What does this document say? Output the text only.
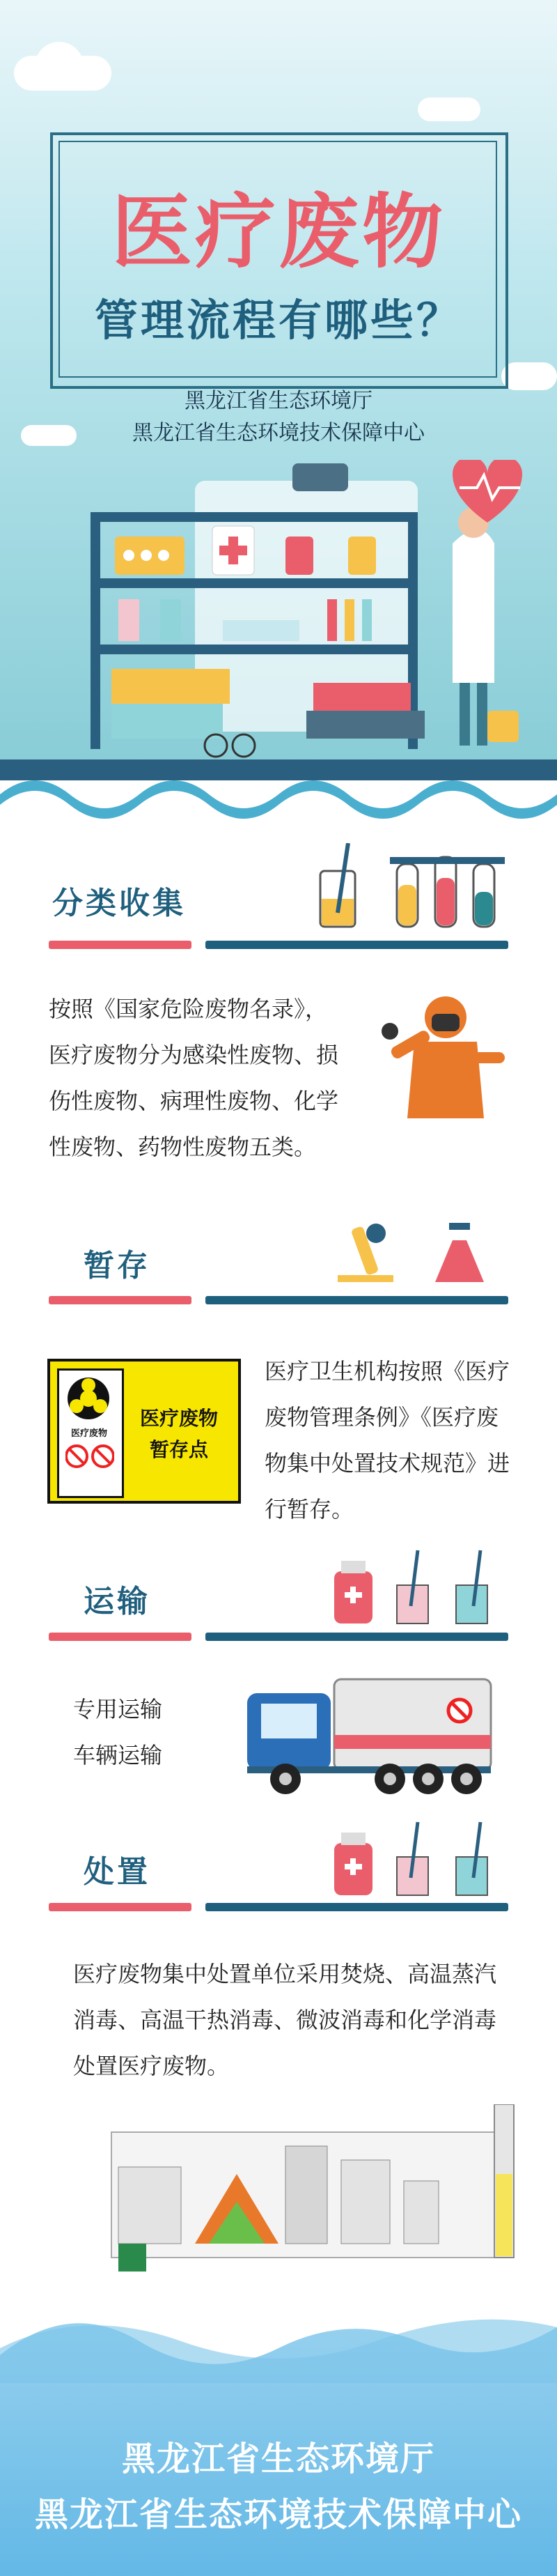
医疗废物
管理流程有哪些？
黑龙江省生态环境厅
黑龙江省生态环境技术保障中心
分类收集
按照《国家危险废物名录》，医疗废物分为感染性废物、损伤性废物、病理性废物、化学性废物、药物性废物五类。
暂存
医疗废物
医疗废物
暂存点
医疗卫生机构按照《医疗废物管理条例》《医疗废物集中处置技术规范》进行暂存。
运输
专用运输
车辆运输
处置
医疗废物集中处置单位采用焚烧、高温蒸汽消毒、高温干热消毒、微波消毒和化学消毒处置医疗废物。
黑龙江省生态环境厅
黑龙江省生态环境技术保障中心
